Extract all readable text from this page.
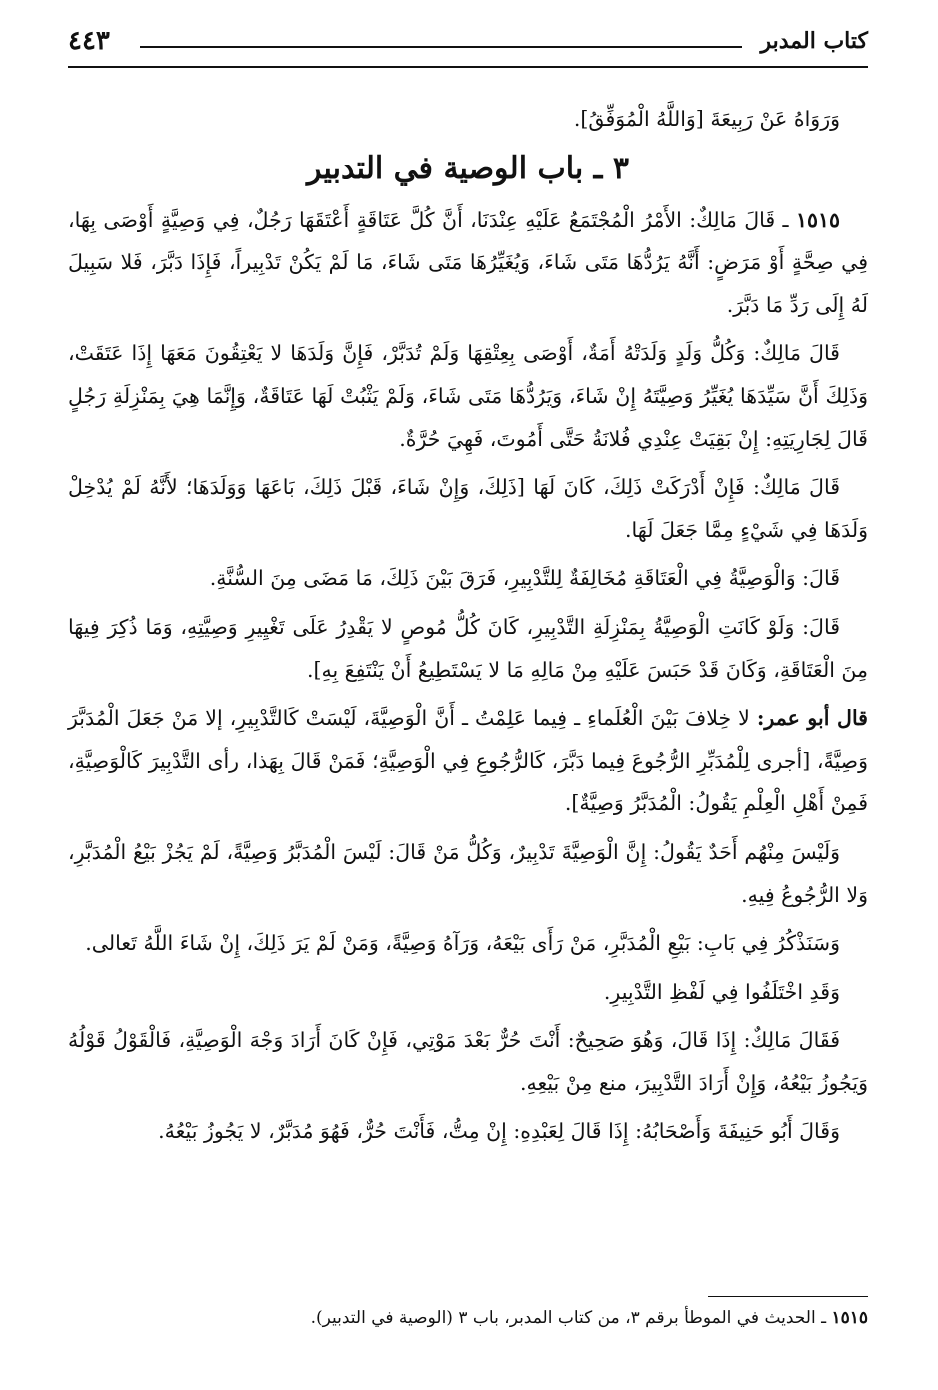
كتاب المدبر
٤٤٣

وَرَوَاهُ عَنْ رَبِيعَةَ [وَاللَّهُ الْمُوَفِّقُ].

٣ ـ باب الوصية في التدبير

١٥١٥ ـ قَالَ مَالِكٌ: الأَمْرُ الْمُجْتَمَعُ عَلَيْهِ عِنْدَنَا، أَنَّ كُلَّ عَتَاقَةٍ أَعْتَقَهَا رَجُلٌ، فِي وَصِيَّةٍ أَوْصَى بِهَا، فِي صِحَّةٍ أَوْ مَرَضٍ: أَنَّهُ يَرُدُّهَا مَتَى شَاءَ، وَيُغَيِّرُهَا مَتَى شَاءَ، مَا لَمْ يَكُنْ تَدْبِيراً، فَإِذَا دَبَّرَ، فَلا سَبِيلَ لَهُ إِلَى رَدِّ مَا دَبَّرَ.

قَالَ مَالِكٌ: وَكُلُّ وَلَدٍ وَلَدَتْهُ أَمَةٌ، أَوْصَى بِعِتْقِهَا وَلَمْ تُدَبَّرْ، فَإِنَّ وَلَدَهَا لا يَعْتِقُونَ مَعَهَا إِذَا عَتَقَتْ، وَذَلِكَ أَنَّ سَيِّدَهَا يُغَيِّرُ وَصِيَّتَهُ إِنْ شَاءَ، وَيَرُدُّهَا مَتَى شَاءَ، وَلَمْ يَثْبُتْ لَهَا عَتَاقَةٌ، وَإِنَّمَا هِيَ بِمَنْزِلَةِ رَجُلٍ قَالَ لِجَارِيَتِهِ: إِنْ بَقِيَتْ عِنْدِي فُلانَةُ حَتَّى أَمُوتَ، فَهِيَ حُرَّةٌ.

قَالَ مَالِكٌ: فَإِنْ أَدْرَكَتْ ذَلِكَ، كَانَ لَهَا [ذَلِكَ، وَإِنْ شَاءَ، قَبْلَ ذَلِكَ، بَاعَهَا وَوَلَدَهَا؛ لأَنَّهُ لَمْ يُدْخِلْ وَلَدَهَا فِي شَيْءٍ مِمَّا جَعَلَ لَهَا.

قَالَ: وَالْوَصِيَّةُ فِي الْعَتَاقَةِ مُخَالِفَةٌ لِلتَّدْبِيرِ، فَرَقَ بَيْنَ ذَلِكَ، مَا مَضَى مِنَ السُّنَّةِ.

قَالَ: وَلَوْ كَانَتِ الْوَصِيَّةُ بِمَنْزِلَةِ التَّدْبِيرِ، كَانَ كُلُّ مُوصٍ لا يَقْدِرُ عَلَى تَغْيِيرِ وَصِيَّتِهِ، وَمَا ذُكِرَ فِيهَا مِنَ الْعَتَاقَةِ، وَكَانَ قَدْ حَبَسَ عَلَيْهِ مِنْ مَالِهِ مَا لا يَسْتَطِيعُ أَنْ يَنْتَفِعَ بِهِ].

قال أبو عمر: لا خِلافَ بَيْنَ الْعُلَماءِ ـ فِيما عَلِمْتُ ـ أَنَّ الْوَصِيَّةَ، لَيْسَتْ كَالتَّدْبِيرِ، إلا مَنْ جَعَلَ الْمُدَبَّرَ وَصِيَّةً، [أجرى لِلْمُدَبِّرِ الرُّجُوعَ فِيما دَبَّرَ، كَالرُّجُوعِ فِي الْوَصِيَّةِ؛ فَمَنْ قَالَ بِهَذا، رأى التَّدْبِيرَ كَالْوَصِيَّةِ، فَمِنْ أَهْلِ الْعِلْمِ يَقُولُ: الْمُدَبَّرُ وَصِيَّةٌ].

وَلَيْسَ مِنْهُم أَحَدٌ يَقُولُ: إِنَّ الْوَصِيَّةَ تَدْبِيرٌ، وَكُلُّ مَنْ قَالَ: لَيْسَ الْمُدَبَّرُ وَصِيَّةً، لَمْ يَجُزْ بَيْعُ الْمُدَبَّرِ، وَلا الرُّجُوعُ فِيهِ.

وَسَنَذْكُرُ فِي بَابِ: بَيْعِ الْمُدَبَّرِ، مَنْ رَأَى بَيْعَهُ، وَرَآهُ وَصِيَّةً، وَمَنْ لَمْ يَرَ ذَلِكَ، إِنْ شَاءَ اللَّهُ تَعالى.

وَقَدِ اخْتَلَفُوا فِي لَفْظِ التَّدْبِيرِ.

فَقَالَ مَالِكٌ: إِذَا قَالَ، وَهُوَ صَحِيحٌ: أَنْتَ حُرٌّ بَعْدَ مَوْتِي، فَإِنْ كَانَ أَرَادَ وَجْهَ الْوَصِيَّةِ، فَالْقَوْلُ قَوْلُهُ وَيَجُوزُ بَيْعُهُ، وَإِنْ أَرَادَ التَّدْبِيرَ، منع مِنْ بَيْعِهِ.

وَقَالَ أَبُو حَنِيفَةَ وَأَصْحَابُهُ: إِذَا قَالَ لِعَبْدِهِ: إِنْ مِتُّ، فَأَنْتَ حُرٌّ، فَهُوَ مُدَبَّرٌ، لا يَجُوزُ بَيْعُهُ.

١٥١٥ ـ الحديث في الموطأ برقم ٣، من كتاب المدبر، باب ٣ (الوصية في التدبير).
